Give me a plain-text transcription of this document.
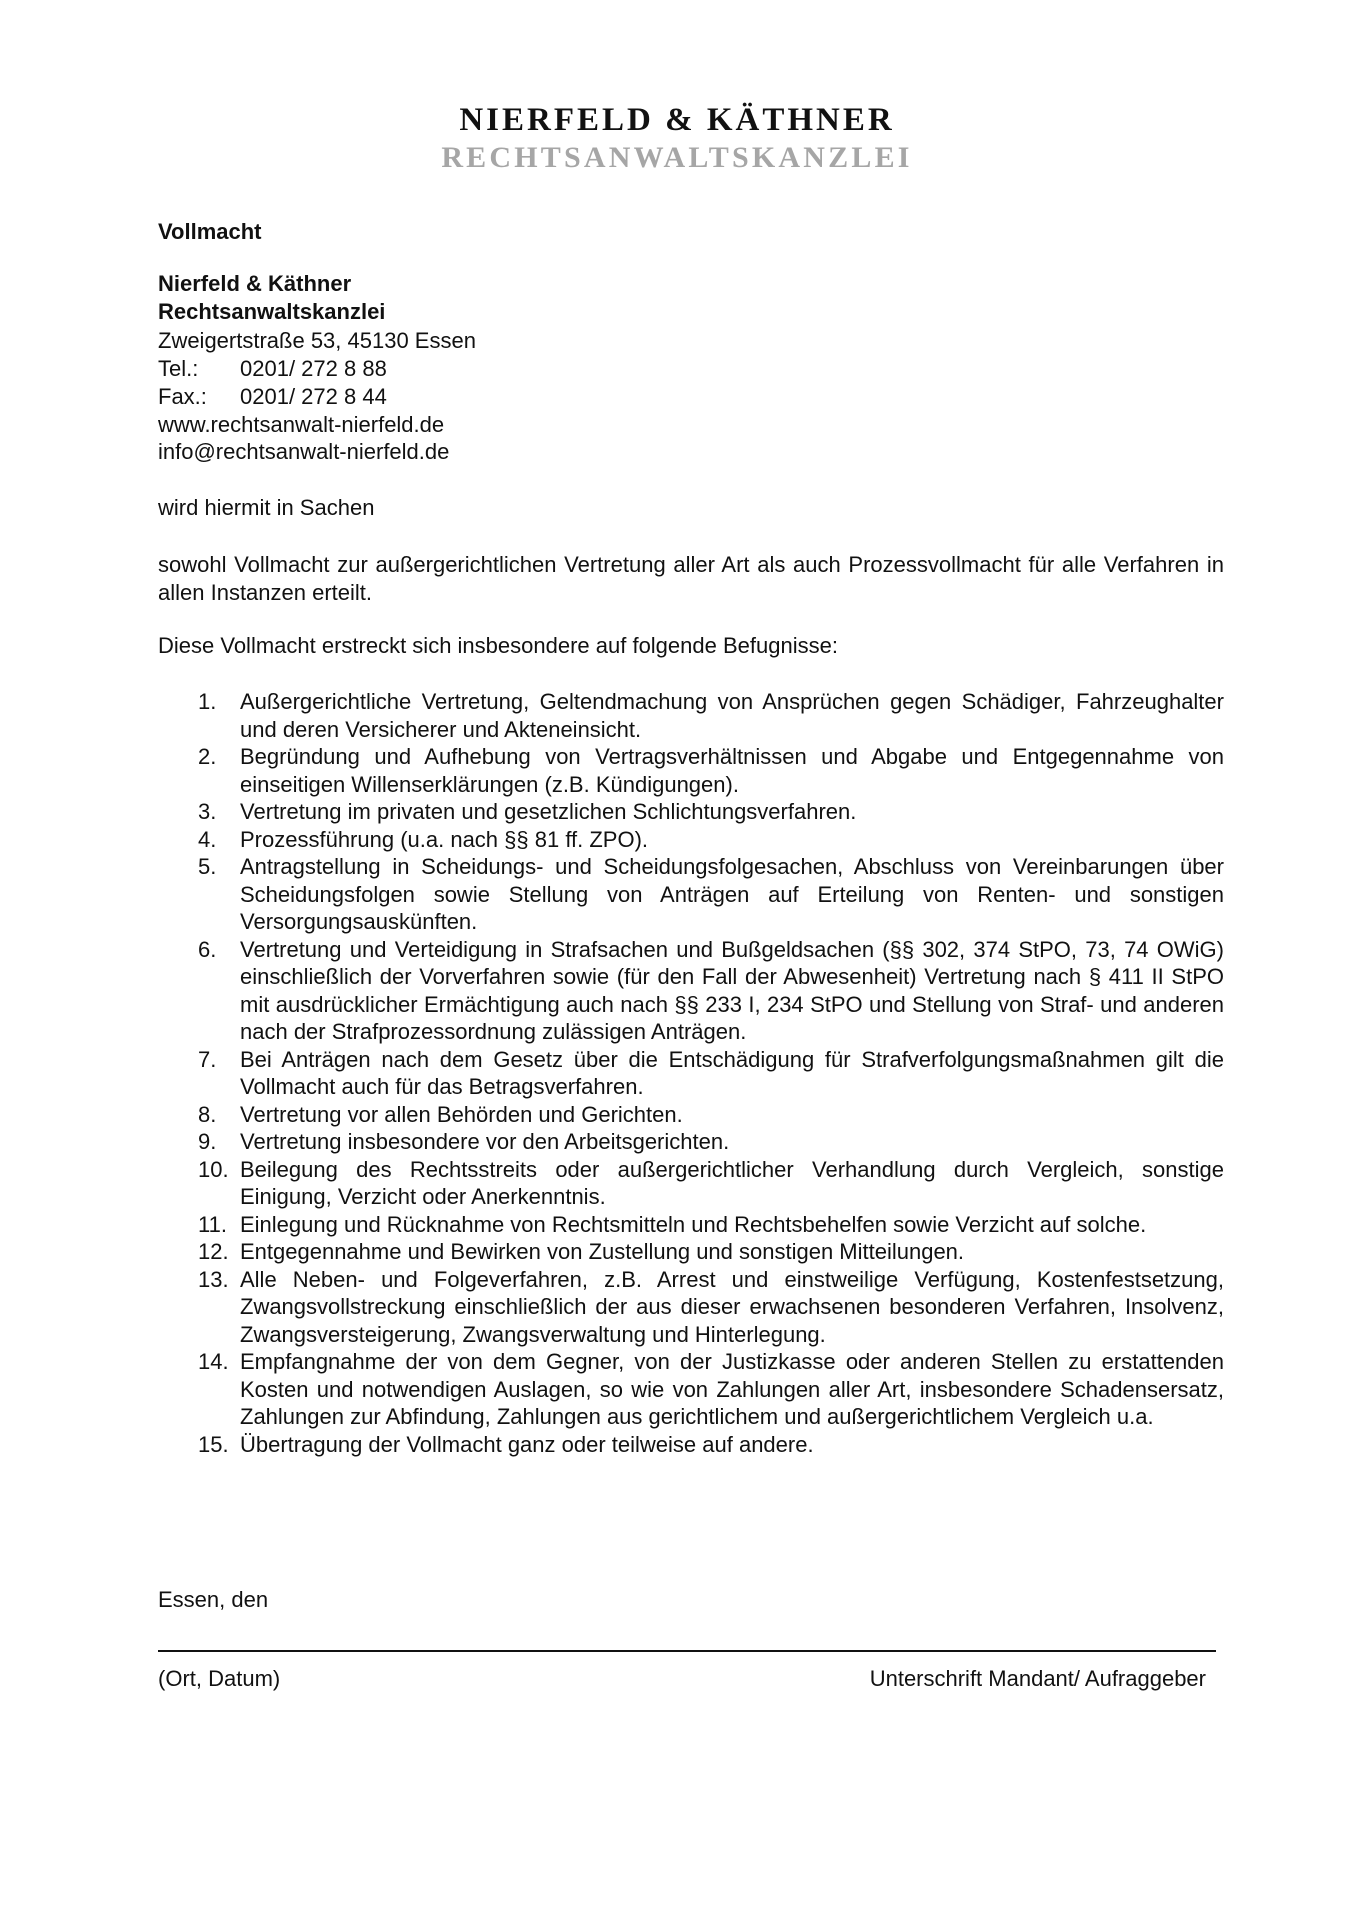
NIERFELD & KÄTHNER
RECHTSANWALTSKANZLEI
Vollmacht
Nierfeld & Käthner
Rechtsanwaltskanzlei
Zweigertstraße 53, 45130 Essen
Tel.: 0201/ 272 8 88
Fax.: 0201/ 272 8 44
www.rechtsanwalt-nierfeld.de
info@rechtsanwalt-nierfeld.de
wird hiermit in Sachen
sowohl Vollmacht zur außergerichtlichen Vertretung aller Art als auch Prozessvollmacht für alle Verfahren in allen Instanzen erteilt.
Diese Vollmacht erstreckt sich insbesondere auf folgende Befugnisse:
1. Außergerichtliche Vertretung, Geltendmachung von Ansprüchen gegen Schädiger, Fahrzeughalter und deren Versicherer und Akteneinsicht.
2. Begründung und Aufhebung von Vertragsverhältnissen und Abgabe und Entgegennahme von einseitigen Willenserklärungen (z.B. Kündigungen).
3. Vertretung im privaten und gesetzlichen Schlichtungsverfahren.
4. Prozessführung (u.a. nach §§ 81 ff. ZPO).
5. Antragstellung in Scheidungs- und Scheidungsfolgesachen, Abschluss von Vereinbarungen über Scheidungsfolgen sowie Stellung von Anträgen auf Erteilung von Renten- und sonstigen Versorgungsauskünften.
6. Vertretung und Verteidigung in Strafsachen und Bußgeldsachen (§§ 302, 374 StPO, 73, 74 OWiG) einschließlich der Vorverfahren sowie (für den Fall der Abwesenheit) Vertretung nach § 411 II StPO mit ausdrücklicher Ermächtigung auch nach §§ 233 I, 234 StPO und Stellung von Straf- und anderen nach der Strafprozessordnung zulässigen Anträgen.
7. Bei Anträgen nach dem Gesetz über die Entschädigung für Strafverfolgungsmaßnahmen gilt die Vollmacht auch für das Betragsverfahren.
8. Vertretung vor allen Behörden und Gerichten.
9. Vertretung insbesondere vor den Arbeitsgerichten.
10. Beilegung des Rechtsstreits oder außergerichtlicher Verhandlung durch Vergleich, sonstige Einigung, Verzicht oder Anerkenntnis.
11. Einlegung und Rücknahme von Rechtsmitteln und Rechtsbehelfen sowie Verzicht auf solche.
12. Entgegennahme und Bewirken von Zustellung und sonstigen Mitteilungen.
13. Alle Neben- und Folgeverfahren, z.B. Arrest und einstweilige Verfügung, Kostenfestsetzung, Zwangsvollstreckung einschließlich der aus dieser erwachsenen besonderen Verfahren, Insolvenz, Zwangsversteigerung, Zwangsverwaltung und Hinterlegung.
14. Empfangnahme der von dem Gegner, von der Justizkasse oder anderen Stellen zu erstattenden Kosten und notwendigen Auslagen, so wie von Zahlungen aller Art, insbesondere Schadensersatz, Zahlungen zur Abfindung, Zahlungen aus gerichtlichem und außergerichtlichem Vergleich u.a.
15. Übertragung der Vollmacht ganz oder teilweise auf andere.
Essen, den
(Ort, Datum)	Unterschrift Mandant/ Aufraggeber
